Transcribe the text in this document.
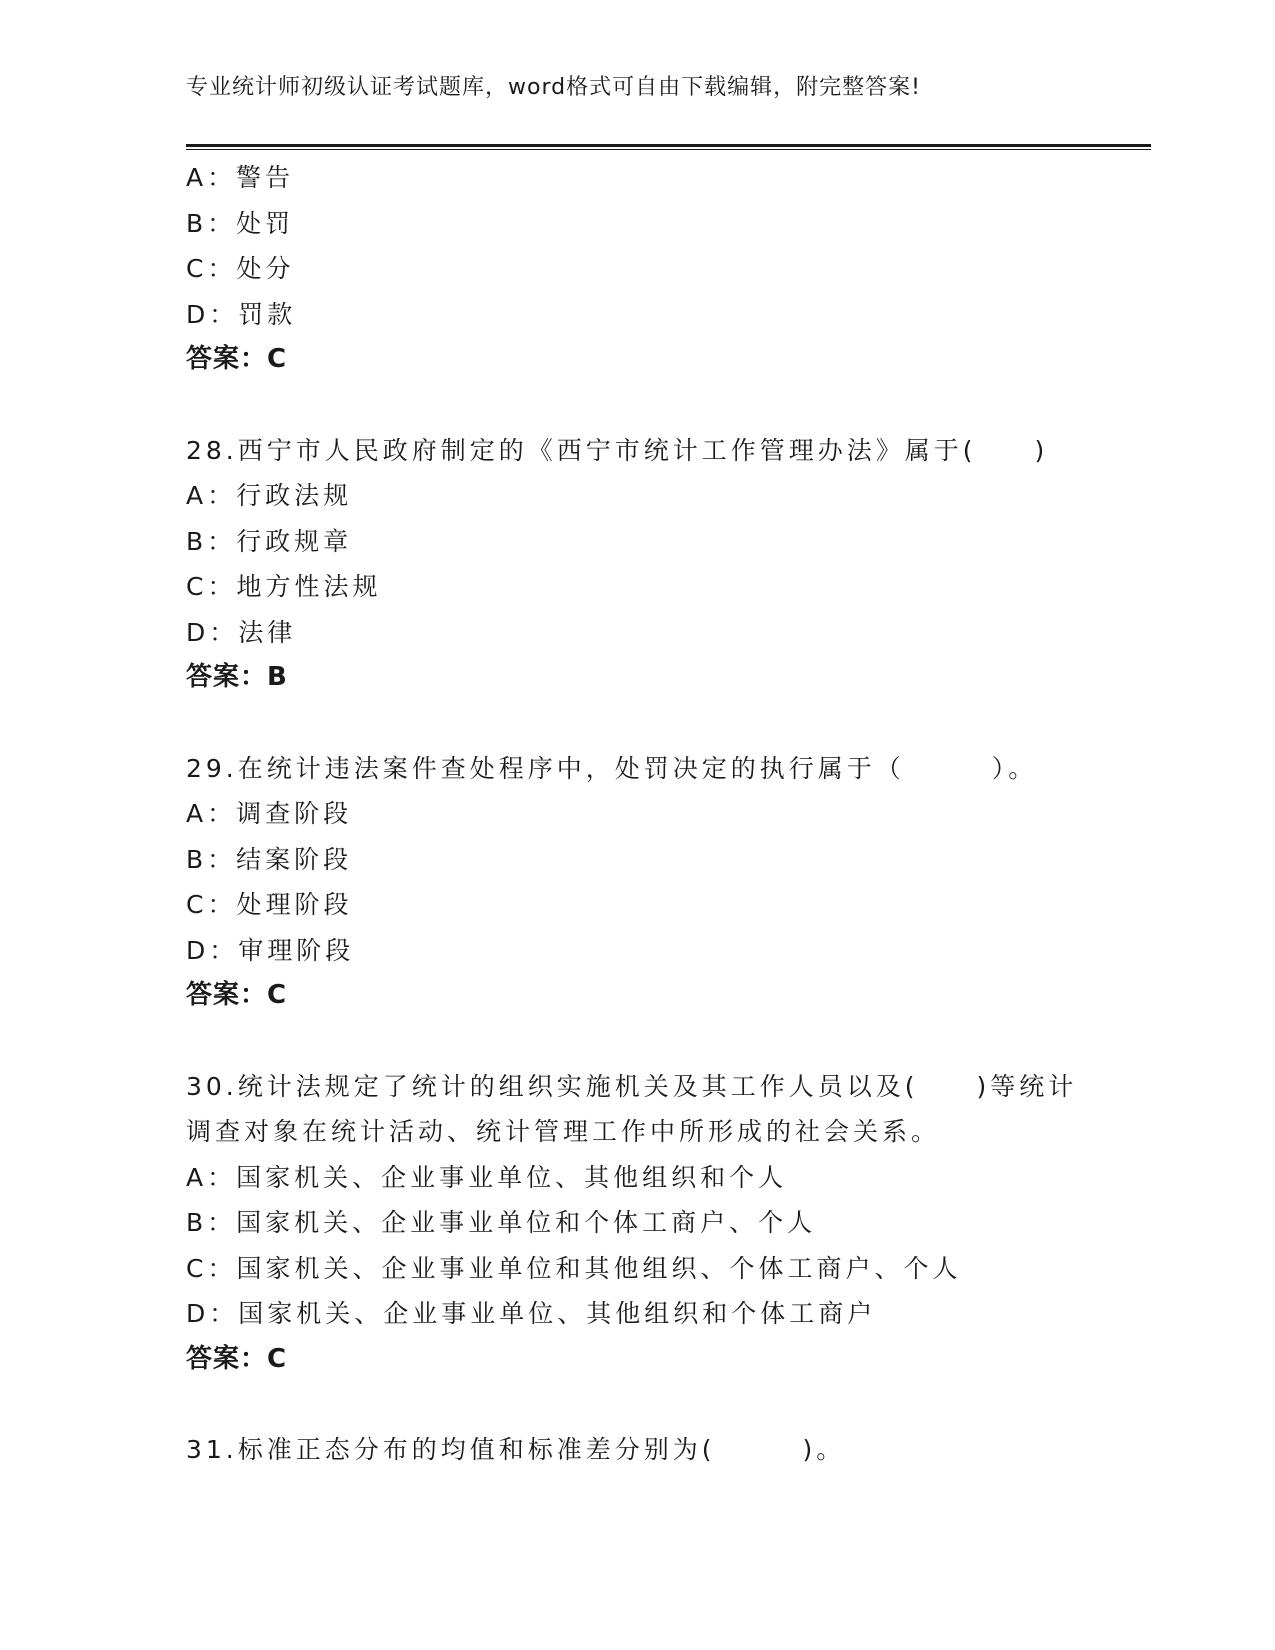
专业统计师初级认证考试题库，word格式可自由下载编辑，附完整答案!
A：警告
B：处罚
C：处分
D：罚款
答案：C
28.西宁市人民政府制定的《西宁市统计工作管理办法》属于(　　)
A：行政法规
B：行政规章
C：地方性法规
D：法律
答案：B
29.在统计违法案件查处程序中，处罚决定的执行属于（　　　）。
A：调查阶段
B：结案阶段
C：处理阶段
D：审理阶段
答案：C
30.统计法规定了统计的组织实施机关及其工作人员以及(　　)等统计
调查对象在统计活动、统计管理工作中所形成的社会关系。
A：国家机关、企业事业单位、其他组织和个人
B：国家机关、企业事业单位和个体工商户、个人
C：国家机关、企业事业单位和其他组织、个体工商户、个人
D：国家机关、企业事业单位、其他组织和个体工商户
答案：C
31.标准正态分布的均值和标准差分别为(　　　)。
